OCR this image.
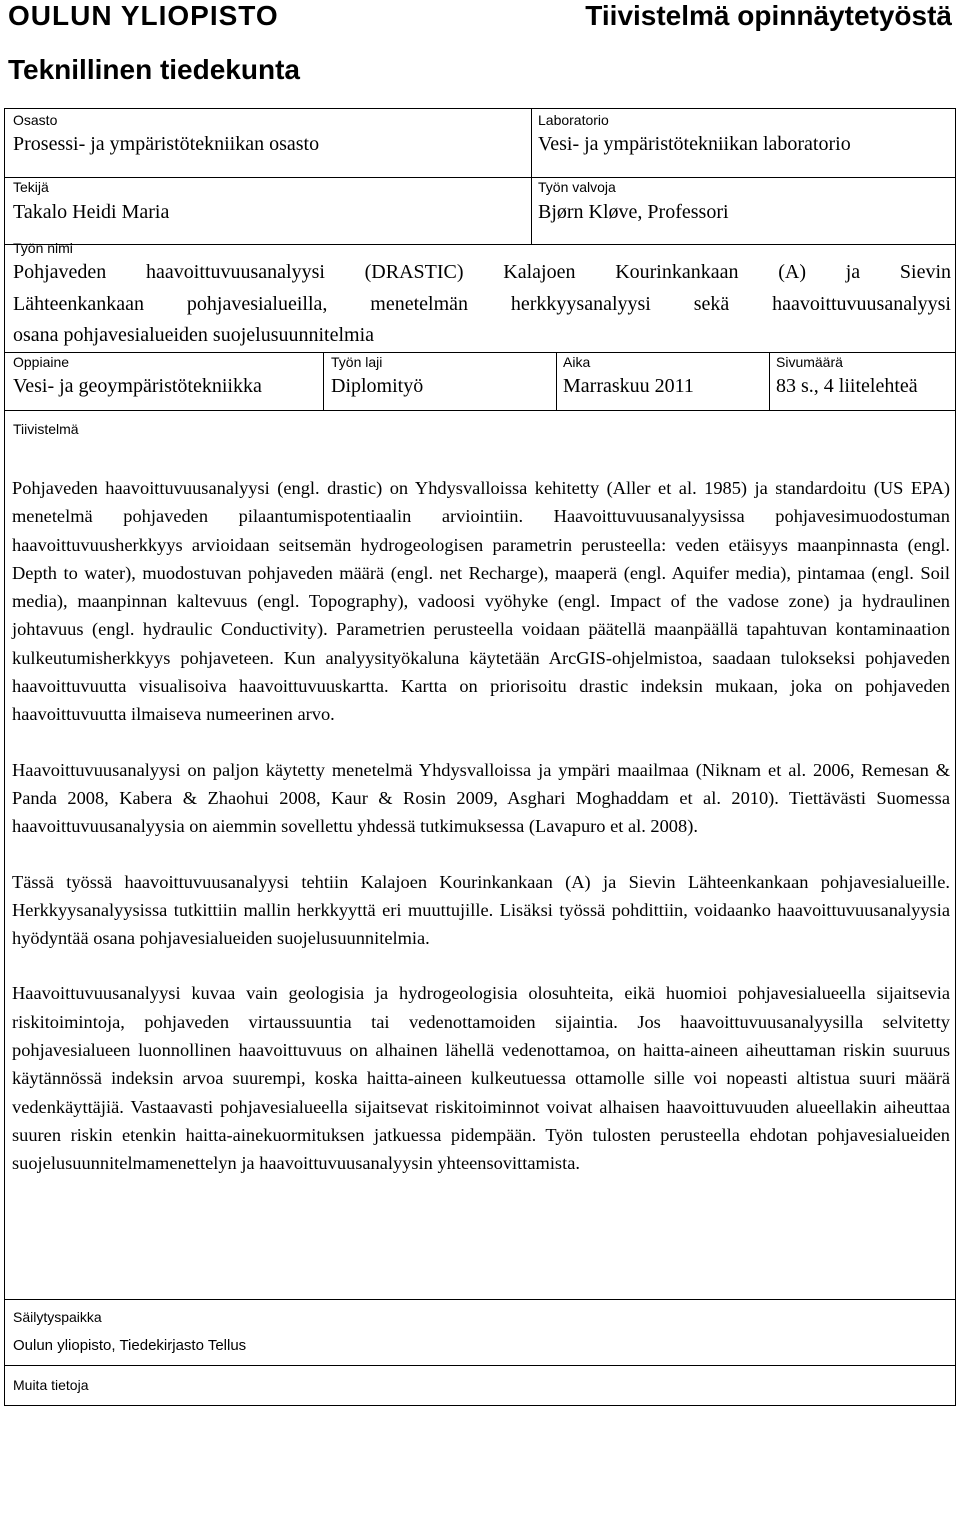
OULUN YLIOPISTO	Tiivistelmä opinnäytetyöstä
Teknillinen tiedekunta
Osasto
Prosessi- ja ympäristötekniikan osasto
Laboratorio
Vesi- ja ympäristötekniikan laboratorio
Tekijä
Takalo Heidi Maria
Työn valvoja
Bjørn Kløve, Professori
Työn nimi
Pohjaveden haavoittuvuusanalyysi (DRASTIC) Kalajoen Kourinkankaan (A) ja Sievin
Lähteenkankaan pohjavesialueilla, menetelmän herkkyysanalyysi sekä haavoittuvuusanalyysi
osana pohjavesialueiden suojelusuunnitelmia
Oppiaine
Vesi- ja geoympäristötekniikka
Työn laji
Diplomityö
Aika
Marraskuu 2011
Sivumäärä
83 s., 4 liitelehteä
Tiivistelmä
Säilytyspaikka
Oulun yliopisto, Tiedekirjasto Tellus
Muita tietoja

Pohjaveden haavoittuvuusanalyysi (engl. drastic) on Yhdysvalloissa kehitetty (Aller et al. 1985) ja standardoitu (US EPA) menetelmä pohjaveden pilaantumispotentiaalin arviointiin. Haavoittuvuusanalyysissa pohjavesimuodostuman haavoittuvuusherkkyys arvioidaan seitsemän hydrogeologisen parametrin perusteella: veden etäisyys maanpinnasta (engl. Depth to water), muodostuvan pohjaveden määrä (engl. net Recharge), maaperä (engl. Aquifer media), pintamaa (engl. Soil media), maanpinnan kaltevuus (engl. Topography), vadoosi vyöhyke (engl. Impact of the vadose zone) ja hydraulinen johtavuus (engl. hydraulic Conductivity). Parametrien perusteella voidaan päätellä maanpäällä tapahtuvan kontaminaation kulkeutumisherkkyys pohjaveteen. Kun analyysityökaluna käytetään ArcGIS-ohjelmistoa, saadaan tulokseksi pohjaveden haavoittuvuutta visualisoiva haavoittuvuuskartta. Kartta on priorisoitu drastic indeksin mukaan, joka on pohjaveden haavoittuvuutta ilmaiseva numeerinen arvo.

Haavoittuvuusanalyysi on paljon käytetty menetelmä Yhdysvalloissa ja ympäri maailmaa (Niknam et al. 2006, Remesan & Panda 2008, Kabera & Zhaohui 2008, Kaur & Rosin 2009, Asghari Moghaddam et al. 2010). Tiettävästi Suomessa haavoittuvuusanalyysia on aiemmin sovellettu yhdessä tutkimuksessa (Lavapuro et al. 2008).

Tässä työssä haavoittuvuusanalyysi tehtiin Kalajoen Kourinkankaan (A) ja Sievin Lähteenkankaan pohjavesialueille. Herkkyysanalyysissa tutkittiin mallin herkkyyttä eri muuttujille. Lisäksi työssä pohdittiin, voidaanko haavoittuvuusanalyysia hyödyntää osana pohjavesialueiden suojelusuunnitelmia.

Haavoittuvuusanalyysi kuvaa vain geologisia ja hydrogeologisia olosuhteita, eikä huomioi pohjavesialueella sijaitsevia riskitoimintoja, pohjaveden virtaussuuntia tai vedenottamoiden sijaintia. Jos haavoittuvuusanalyysilla selvitetty pohjavesialueen luonnollinen haavoittuvuus on alhainen lähellä vedenottamoa, on haitta-aineen aiheuttaman riskin suuruus käytännössä indeksin arvoa suurempi, koska haitta-aineen kulkeutuessa ottamolle sille voi nopeasti altistua suuri määrä vedenkäyttäjiä. Vastaavasti pohjavesialueella sijaitsevat riskitoiminnot voivat alhaisen haavoittuvuuden alueellakin aiheuttaa suuren riskin etenkin haitta-ainekuormituksen jatkuessa pidempään. Työn tulosten perusteella ehdotan pohjavesialueiden suojelusuunnitelmamenettelyn ja haavoittuvuusanalyysin yhteensovittamista.
